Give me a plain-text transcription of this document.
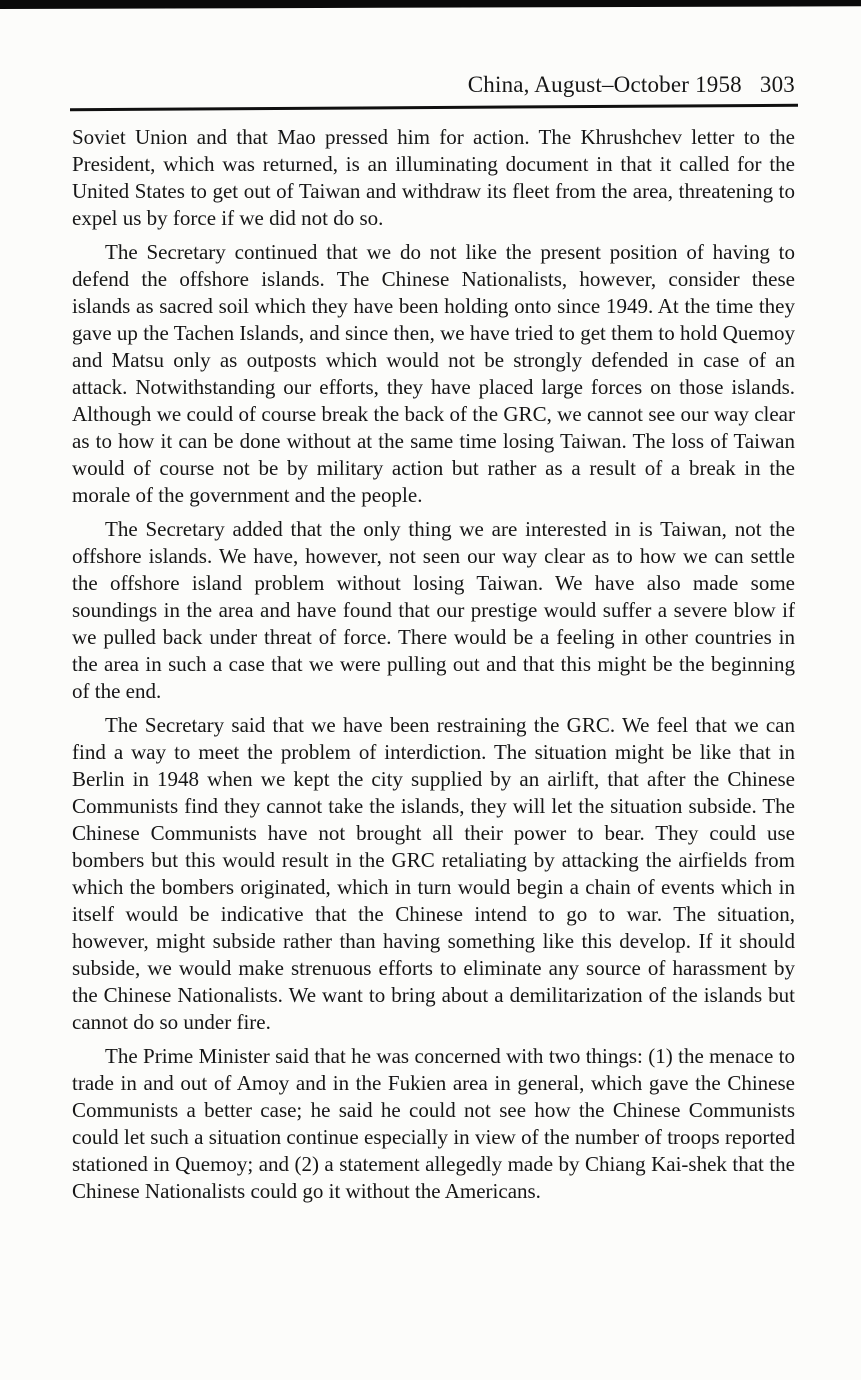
China, August–October 1958 303

Soviet Union and that Mao pressed him for action. The Khrushchev letter to the President, which was returned, is an illuminating document in that it called for the United States to get out of Taiwan and withdraw its fleet from the area, threatening to expel us by force if we did not do so.

The Secretary continued that we do not like the present position of having to defend the offshore islands. The Chinese Nationalists, however, consider these islands as sacred soil which they have been holding onto since 1949. At the time they gave up the Tachen Islands, and since then, we have tried to get them to hold Quemoy and Matsu only as outposts which would not be strongly defended in case of an attack. Notwithstanding our efforts, they have placed large forces on those islands. Although we could of course break the back of the GRC, we cannot see our way clear as to how it can be done without at the same time losing Taiwan. The loss of Taiwan would of course not be by military action but rather as a result of a break in the morale of the government and the people.

The Secretary added that the only thing we are interested in is Taiwan, not the offshore islands. We have, however, not seen our way clear as to how we can settle the offshore island problem without losing Taiwan. We have also made some soundings in the area and have found that our prestige would suffer a severe blow if we pulled back under threat of force. There would be a feeling in other countries in the area in such a case that we were pulling out and that this might be the beginning of the end.

The Secretary said that we have been restraining the GRC. We feel that we can find a way to meet the problem of interdiction. The situation might be like that in Berlin in 1948 when we kept the city supplied by an airlift, that after the Chinese Communists find they cannot take the islands, they will let the situation subside. The Chinese Communists have not brought all their power to bear. They could use bombers but this would result in the GRC retaliating by attacking the airfields from which the bombers originated, which in turn would begin a chain of events which in itself would be indicative that the Chinese intend to go to war. The situation, however, might subside rather than having something like this develop. If it should subside, we would make strenuous efforts to eliminate any source of harassment by the Chinese Nationalists. We want to bring about a demilitarization of the islands but cannot do so under fire.

The Prime Minister said that he was concerned with two things: (1) the menace to trade in and out of Amoy and in the Fukien area in general, which gave the Chinese Communists a better case; he said he could not see how the Chinese Communists could let such a situation continue especially in view of the number of troops reported stationed in Quemoy; and (2) a statement allegedly made by Chiang Kai-shek that the Chinese Nationalists could go it without the Americans.
